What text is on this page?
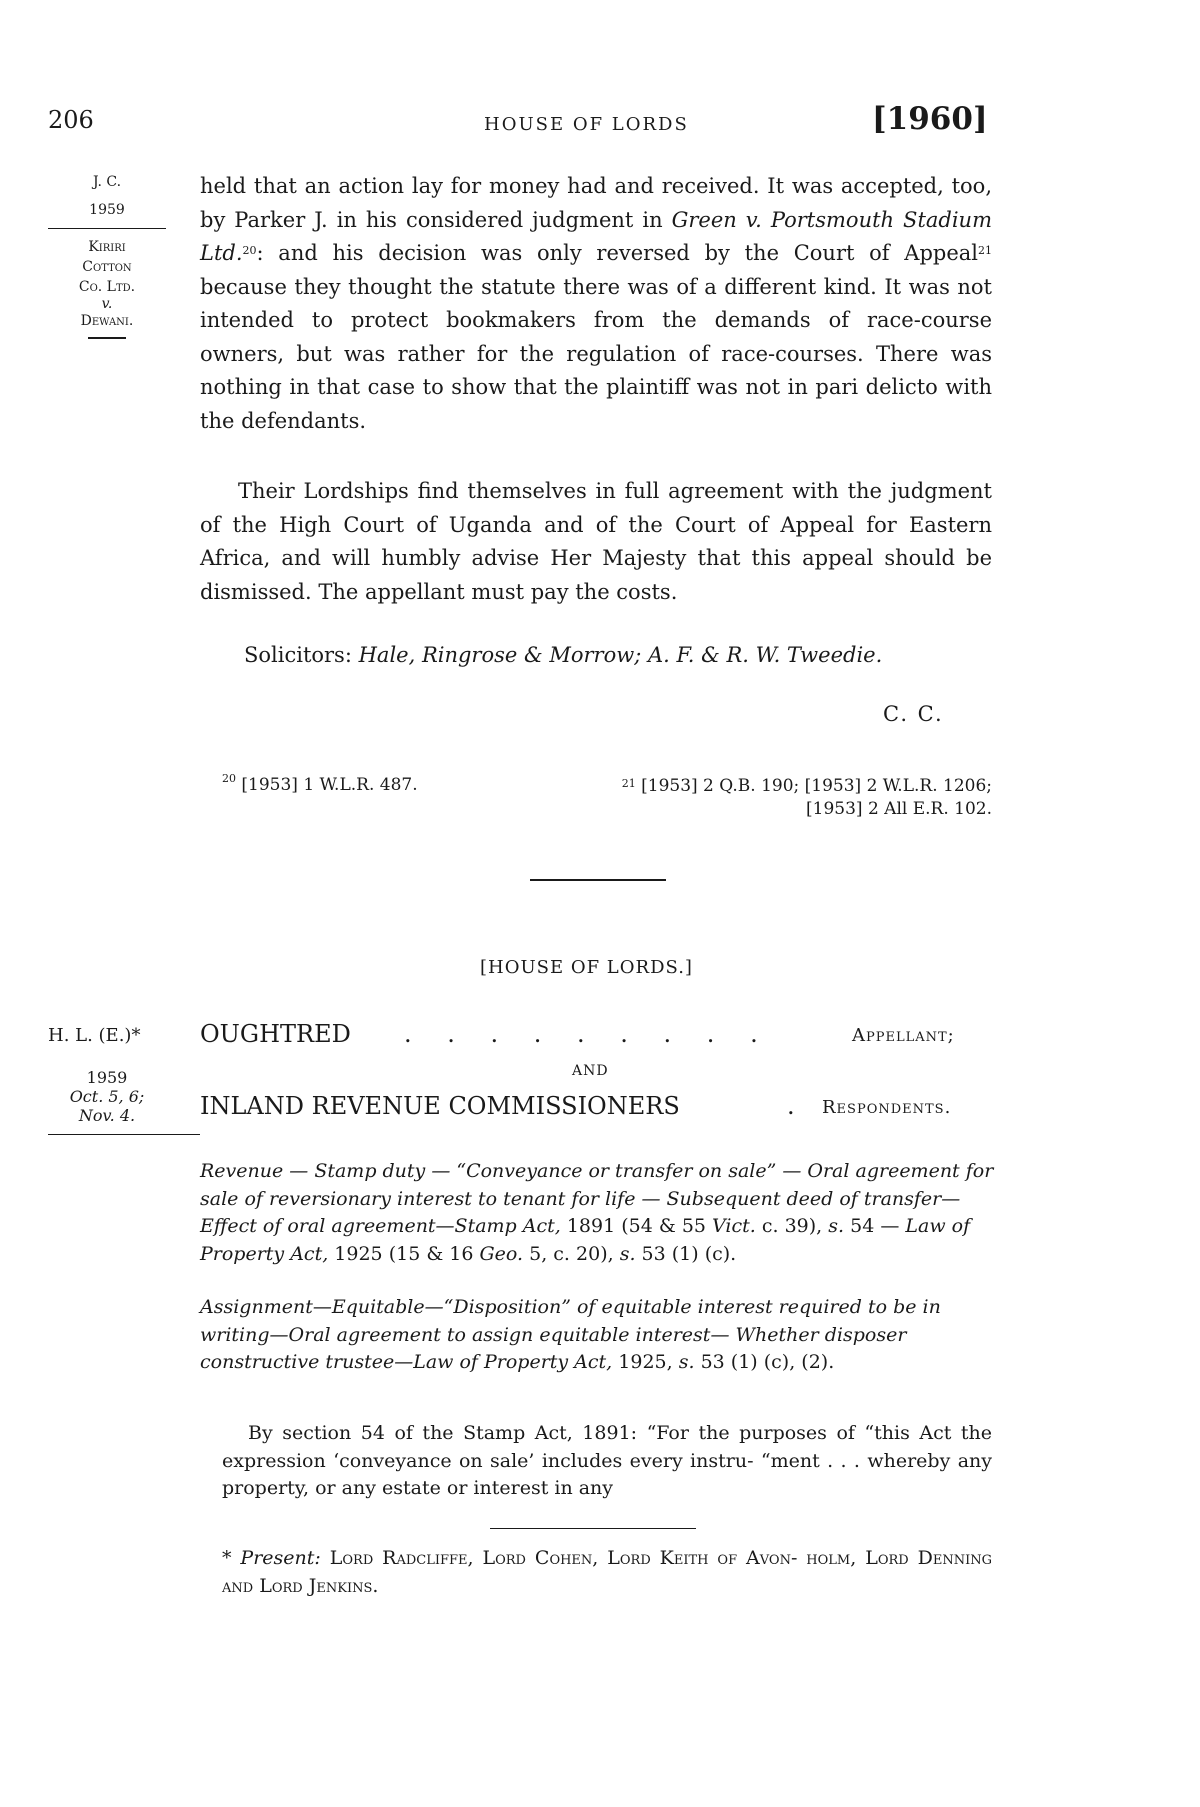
206	HOUSE OF LORDS	[1960]
J. C.
1959
Kiriri
Cotton
Co. Ltd.
v.
Dewani.
held that an action lay for money had and received. It was accepted, too, by Parker J. in his considered judgment in Green v. Portsmouth Stadium Ltd.$^{20}$: and his decision was only reversed by the Court of Appeal$^{21}$ because they thought the statute there was of a different kind. It was not intended to protect bookmakers from the demands of race-course owners, but was rather for the regulation of race-courses. There was nothing in that case to show that the plaintiff was not in pari delicto with the defendants.
Their Lordships find themselves in full agreement with the judgment of the High Court of Uganda and of the Court of Appeal for Eastern Africa, and will humbly advise Her Majesty that this appeal should be dismissed. The appellant must pay the costs.
Solicitors: Hale, Ringrose & Morrow; A. F. & R. W. Tweedie.
C. C.
$^{20}$ [1953] 1 W.L.R. 487.	$^{21}$ [1953] 2 Q.B. 190; [1953] 2 W.L.R. 1206; [1953] 2 All E.R. 102.
[HOUSE OF LORDS.]
H. L. (E.)* OUGHTRED . . . . . . . . .	Appellant;
AND
INLAND REVENUE COMMISSIONERS	. Respondents.
1959
Oct. 5, 6;
Nov. 4.
Revenue — Stamp duty — “Conveyance or transfer on sale” — Oral agreement for sale of reversionary interest to tenant for life — Subsequent deed of transfer—Effect of oral agreement—Stamp Act, 1891 (54 & 55 Vict. c. 39), s. 54 — Law of Property Act, 1925 (15 & 16 Geo. 5, c. 20), s. 53 (1) (c).
Assignment—Equitable—“Disposition” of equitable interest required to be in writing—Oral agreement to assign equitable interest— Whether disposer constructive trustee—Law of Property Act, 1925, s. 53 (1) (c), (2).
By section 54 of the Stamp Act, 1891: “For the purposes of “this Act the expression ‘conveyance on sale’ includes every instru- “ment . . . whereby any property, or any estate or interest in any
* Present: Lord Radcliffe, Lord Cohen, Lord Keith of Avon- holm, Lord Denning and Lord Jenkins.
